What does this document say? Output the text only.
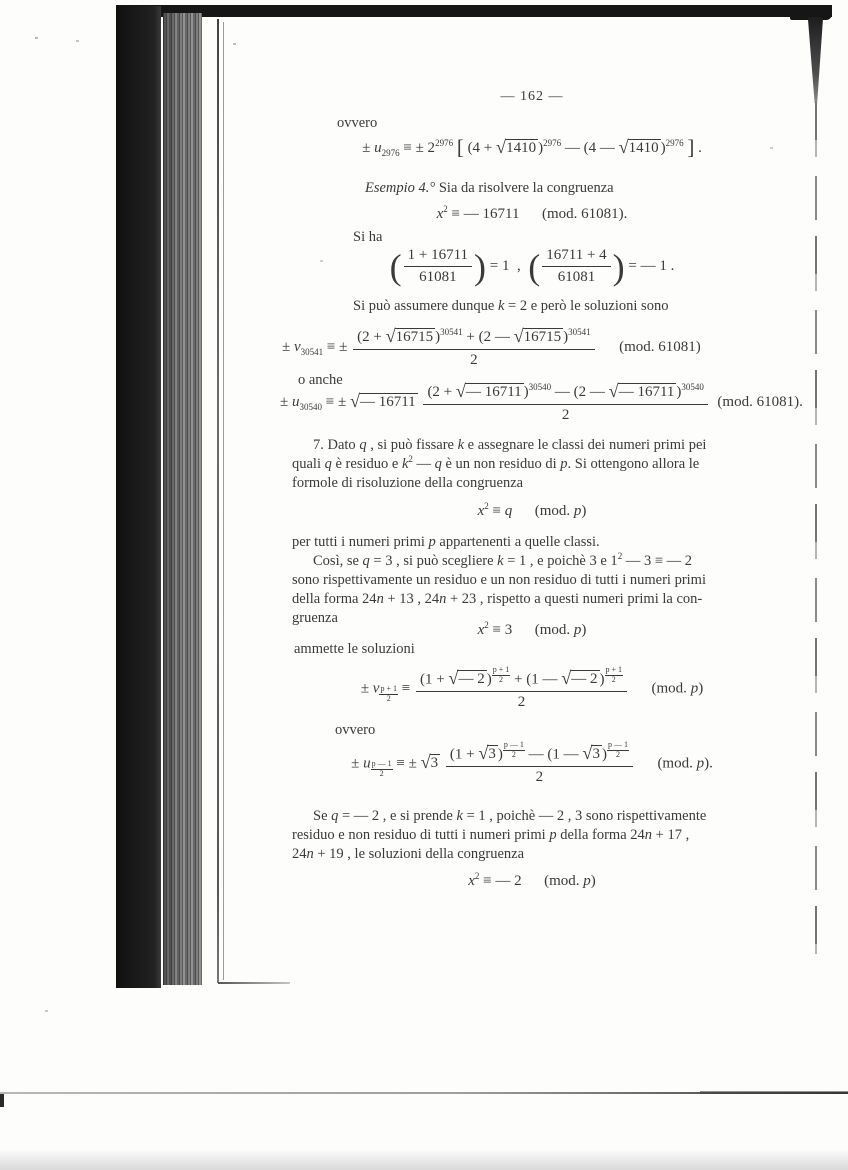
— 162 —
ovvero
± $u_{2976}$ ≡ ± $2^{2976}$ [ (4 + √1410 )$^{2976}$ — (4 — √1410 )$^{2976}$ ] .
Esempio 4.° Sia da risolvere la congruenza
$x^2$ ≡ — 16711  (mod. 61081).
Si ha
( $\frac{1 + 16711}{61081}$ ) = 1 , ( $\frac{16711 + 4}{61081}$ ) = — 1 .
Si può assumere dunque k = 2 e però le soluzioni sono
± $v_{30541}$ ≡ ± $\frac{(2 + √16715 )^{30541} + (2 — √16715 )^{30541}}{2}$   (mod. 61081)
o anche
± $u_{30540}$ ≡ ± √— $16711 \frac{(2 + √— 16711 )^{30540} — (2 — √— 16711 )^{30540}}{2}$  (mod. 61081).
7. Dato q , si può fissare k e assegnare le classi dei numeri primi pei
quali q è residuo e $k^2$ — q è un non residuo di p. Si ottengono allora le
formole di risoluzione della congruenza
$x^2 \equiv q$  (mod. p)
per tutti i numeri primi p appartenenti a quelle classi.
Così, se q = 3 , si può scegliere k = 1 , e poichè 3 e $1^2$ — 3 ≡ — 2
sono rispettivamente un residuo e un non residuo di tutti i numeri primi
della forma 24n + 13 , 24n + 23 , rispetto a questi numeri primi la con-
gruenza
$x^2 \equiv 3$  (mod. p)
ammette le soluzioni
± v $_{\frac{p + 1}{2}}$ ≡ (1 + √— 2 ) $^{\frac{p + 1}{2}}$ + (1 — √— 2 ) $^{\frac{p + 1}{2}}$
2   (mod. p)
ovvero
± u $_{\frac{p — 1}{2}}$ ≡ ± √3 (1 + √3 ) $^{\frac{p — 1}{2}}$ — (1 — √3 ) $^{\frac{p — 1}{2}}$
2   (mod. p).
Se q = — 2 , e si prende k = 1 , poichè — 2 , 3 sono rispettivamente
residuo e non residuo di tutti i numeri primi p della forma 24n + 17 ,
24n + 19 , le soluzioni della congruenza
$x^2$ ≡ — 2  (mod. p)
